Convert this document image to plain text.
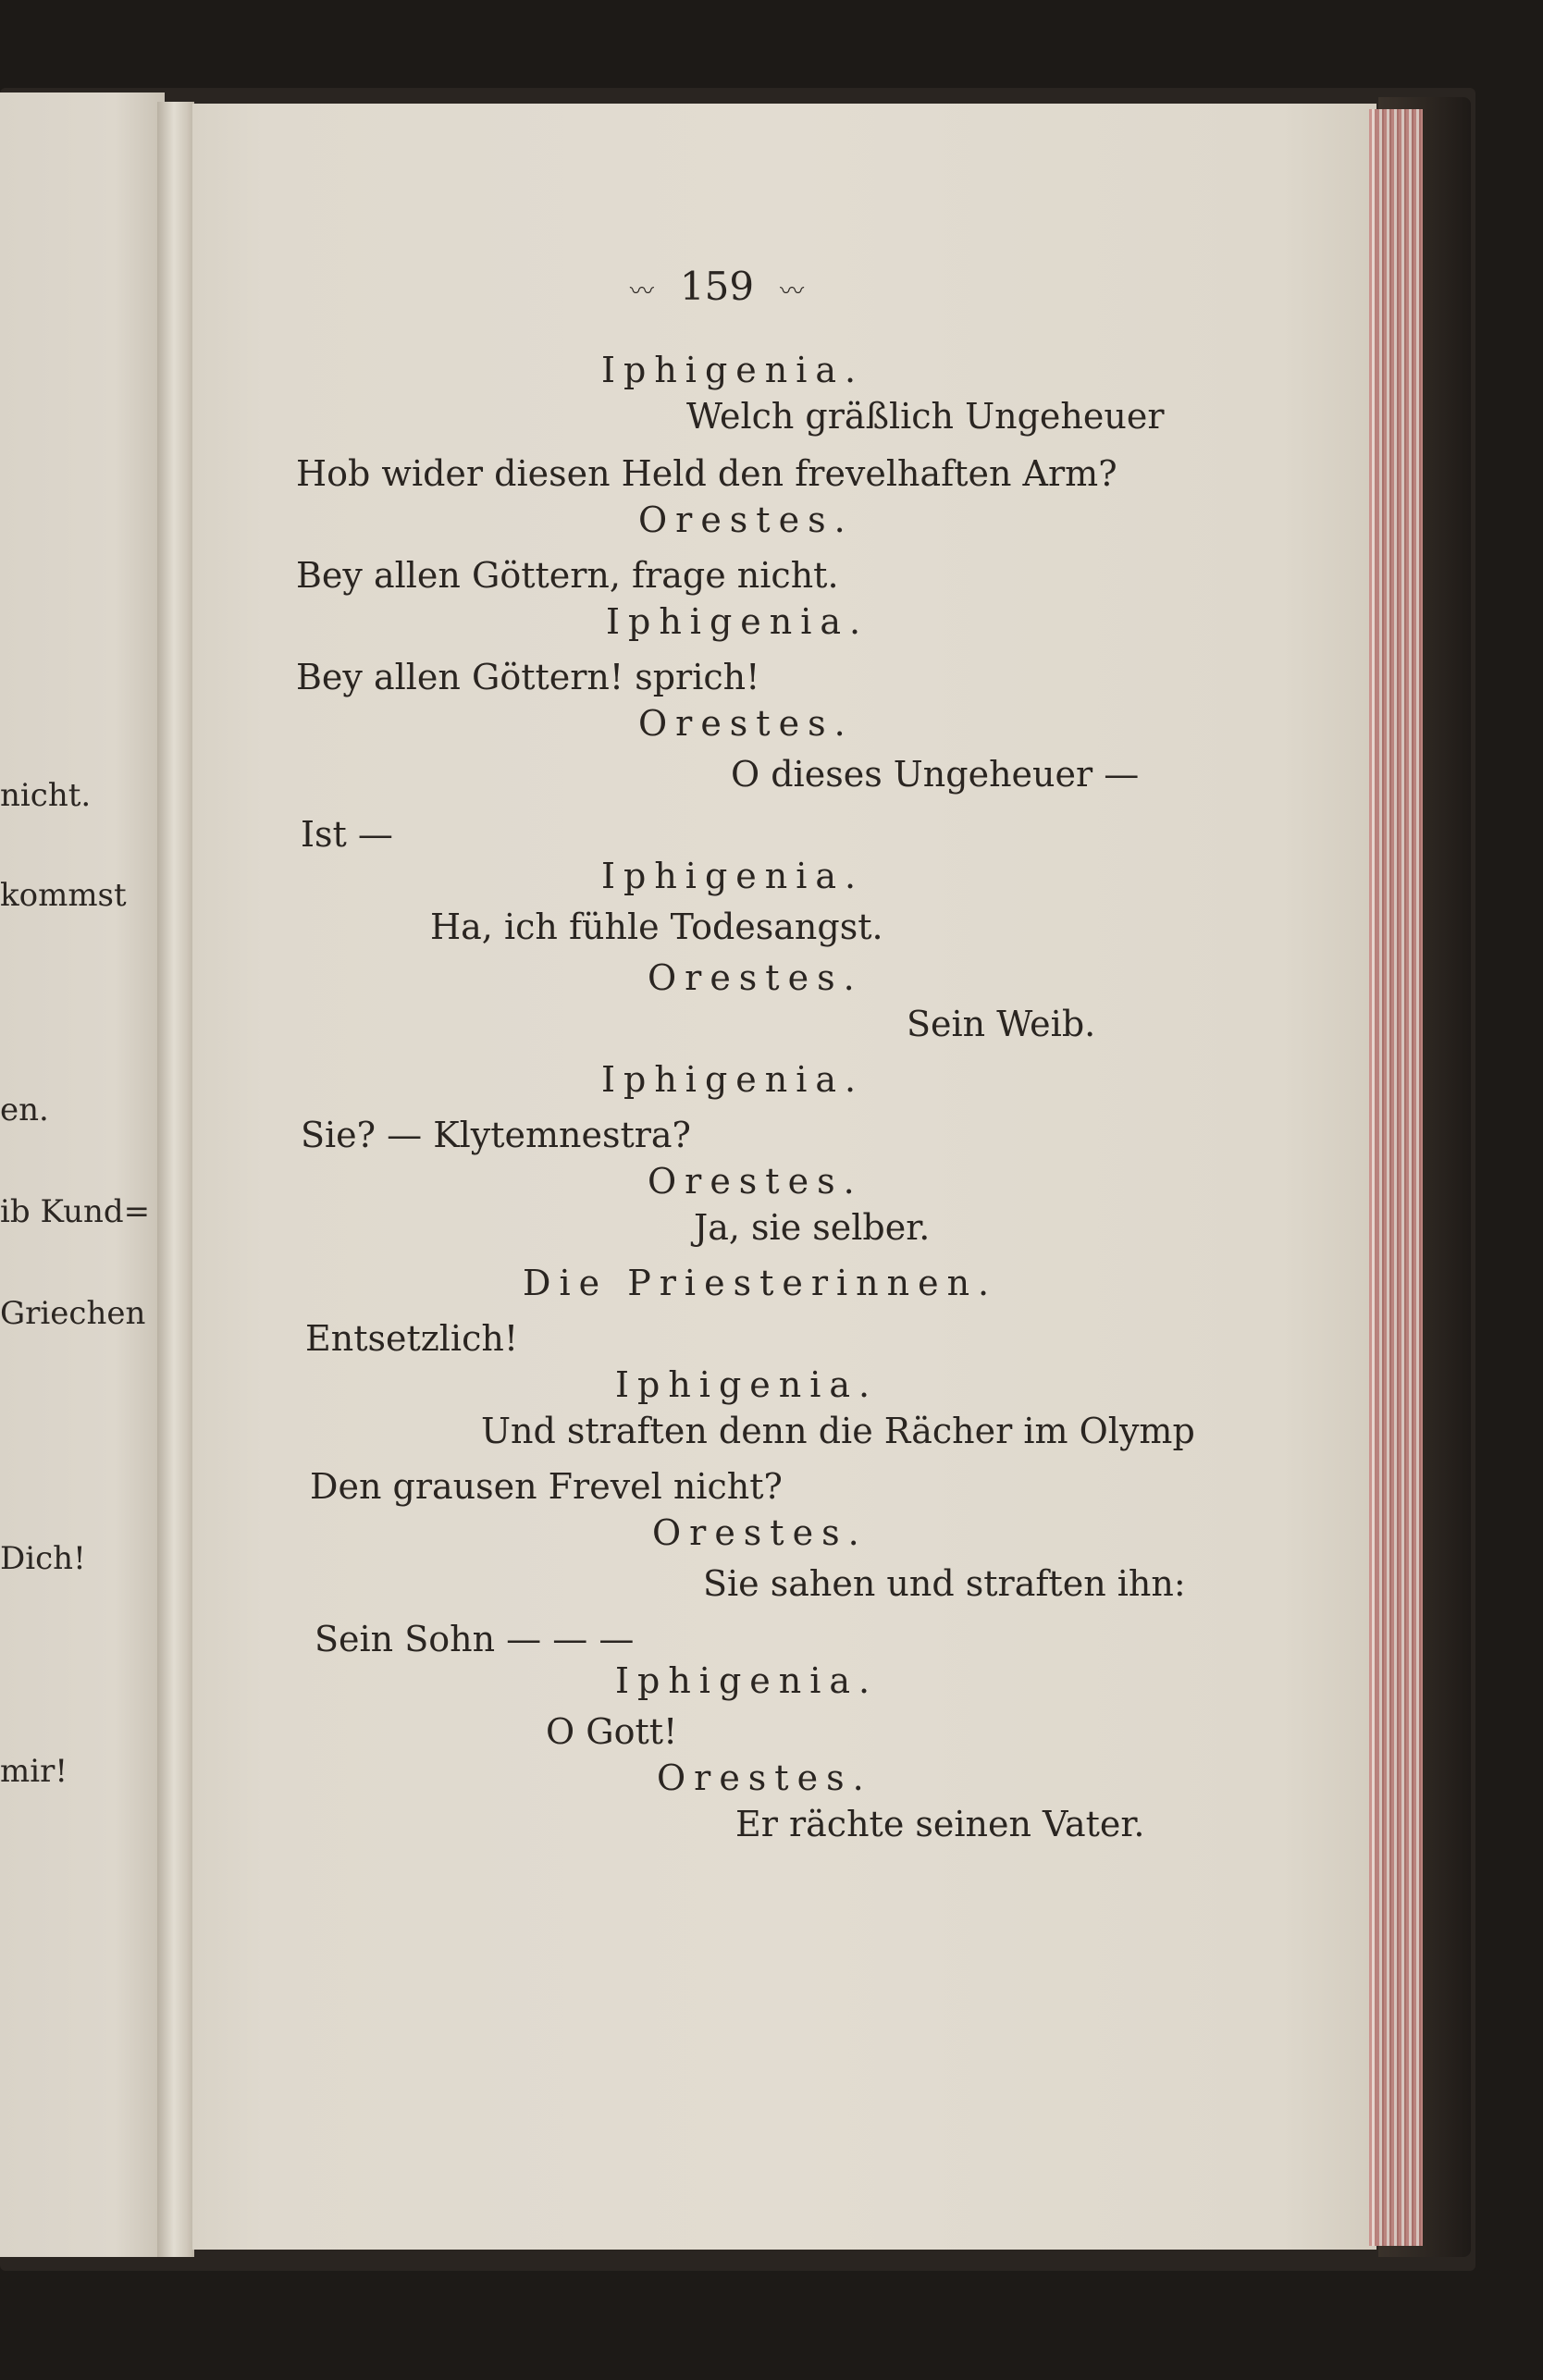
nicht.
kommst
en.
ib Kund=
Griechen
Dich!
mir!
〰 159 〰
Iphigenia.
Welch gräßlich Ungeheuer
Hob wider diesen Held den frevelhaften Arm?
Orestes.
Bey allen Göttern, frage nicht.
Iphigenia.
Bey allen Göttern! sprich!
Orestes.
O dieses Ungeheuer —
Ist —
Iphigenia.
Ha, ich fühle Todesangst.
Orestes.
Sein Weib.
Iphigenia.
Sie? — Klytemnestra?
Orestes.
Ja, sie selber.
Die Priesterinnen.
Entsetzlich!
Iphigenia.
Und straften denn die Rächer im Olymp
Den grausen Frevel nicht?
Orestes.
Sie sahen und straften ihn:
Sein Sohn — — —
Iphigenia.
O Gott!
Orestes.
Er rächte seinen Vater.
